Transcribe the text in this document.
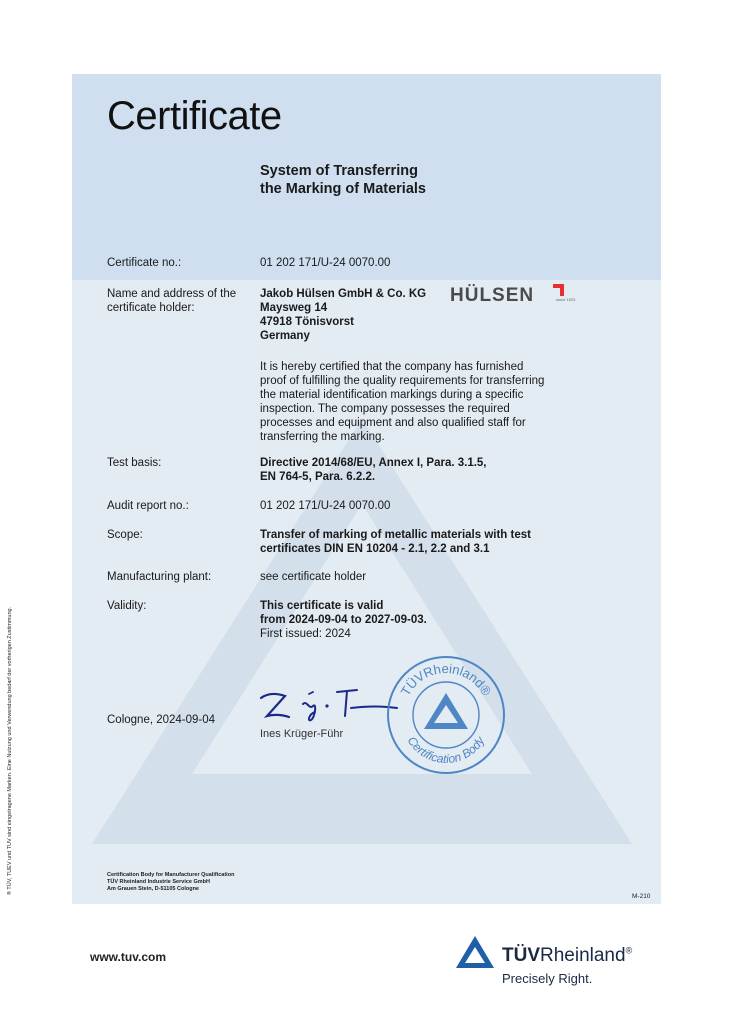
Certificate
System of Transferring
the Marking of Materials
Certificate no.:	01 202 171/U-24 0070.00
Name and address of the
certificate holder:
Jakob Hülsen GmbH & Co. KG
Maysweg 14
47918 Tönisvorst
Germany
HÜLSEN	since 1923
It is hereby certified that the company has furnished
proof of fulfilling the quality requirements for transferring
the material identification markings during a specific
inspection. The company possesses the required
processes and equipment and also qualified staff for
transferring the marking.
Test basis:	Directive 2014/68/EU, Annex I, Para. 3.1.5,
EN 764-5, Para. 6.2.2.
Audit report no.:	01 202 171/U-24 0070.00
Scope:	Transfer of marking of metallic materials with test
certificates DIN EN 10204 - 2.1, 2.2 and 3.1
Manufacturing plant:	see certificate holder
Validity:	This certificate is valid
from 2024-09-04 to 2027-09-03.
First issued: 2024
Cologne, 2024-09-04
Ines Krüger-Führ
TÜVRheinland®
Certification Body
Certification Body for Manufacturer Qualification
TÜV Rheinland Industrie Service GmbH
Am Grauen Stein, D-51105 Cologne
M-210
® TÜV, TUEV und TUV sind eingetragene Marken. Eine Nutzung und Verwendung bedarf der vorherigen Zustimmung.
www.tuv.com	TÜVRheinland®
Precisely Right.
